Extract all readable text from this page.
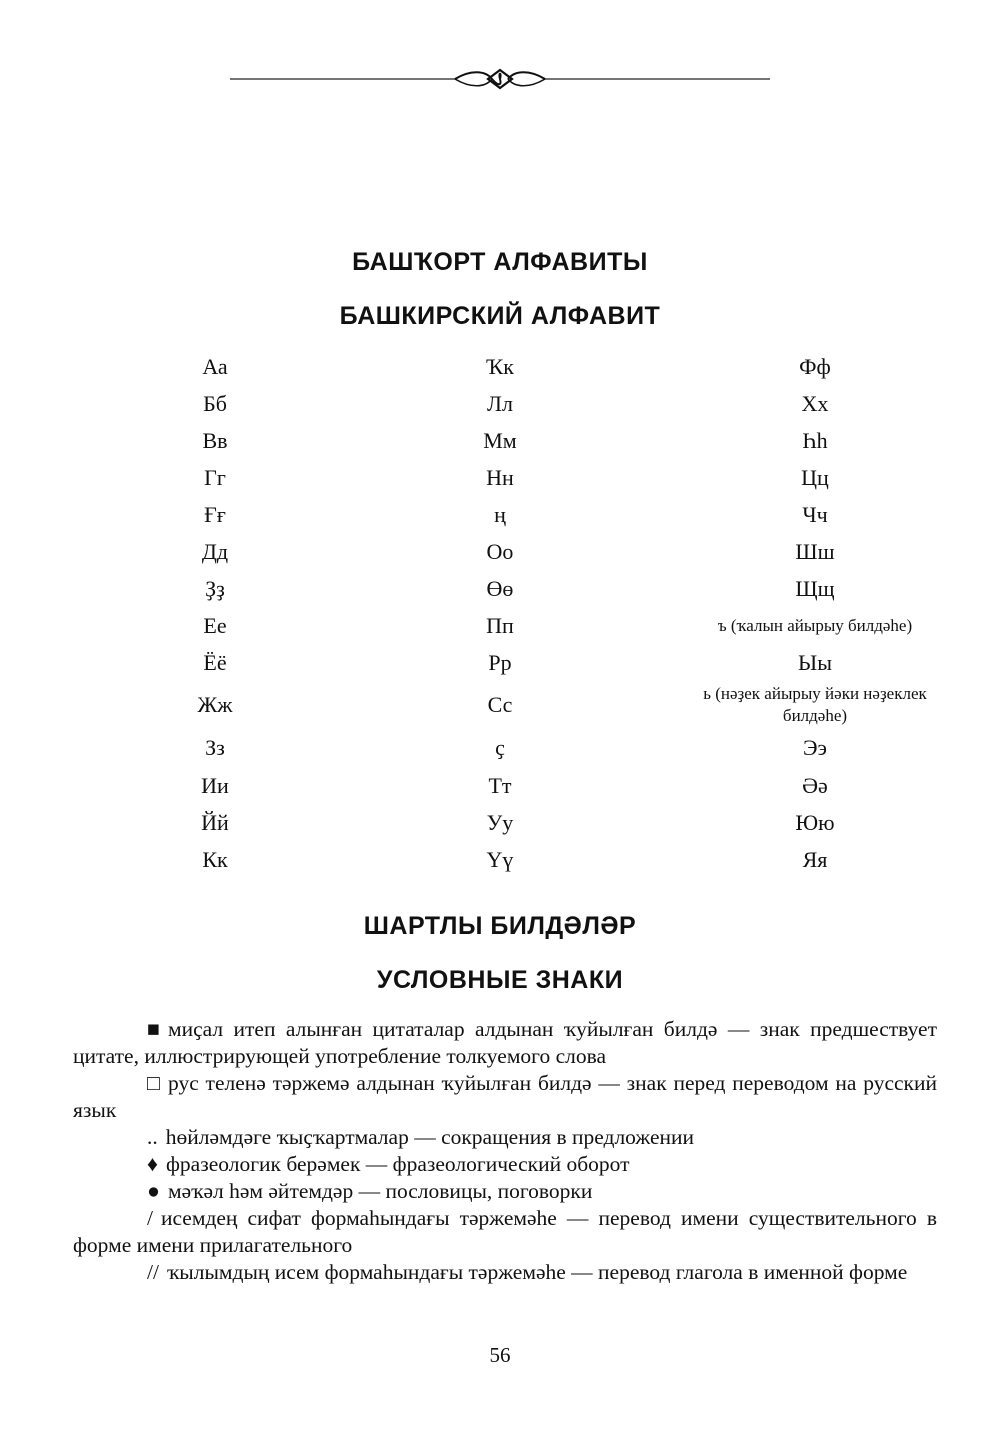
БАШҠОРТ АЛФАВИТЫ
БАШКИРСКИЙ АЛФАВИТ
Аа	Ҡк	Фф
Бб	Лл	Хх
Вв	Мм	Һh
Гг	Нн	Цц
Ғғ	ң	Чч
Дд	Оо	Шш
Ҙҙ	Өө	Щщ
Ее	Пп	ъ (ҡалын айырыу билдәһе)
Ёё	Рр	Ыы
Жж	Сс	ь (нәҙек айырыу йәки нәҙеклек билдәһе)
Зз	ҫ	Ээ
Ии	Тт	Әә
Йй	Уу	Юю
Кк	Үү	Яя
ШАРТЛЫ БИЛДӘЛӘР
УСЛОВНЫЕ ЗНАКИ

■ миҫал итеп алынған цитаталар алдынан ҡуйылған билдә — знак предшествует цитате, иллюстрирующей употребление толкуемого слова

□ рус теленә тәржемә алдынан ҡуйылған билдә — знак перед переводом на русский язык

.. һөйләмдәге ҡыҫҡартмалар — сокращения в предложении

♦ фразеологик берәмек — фразеологический оборот

● мәҡәл һәм әйтемдәр — пословицы, поговорки

/ исемдең сифат формаһындағы тәржемәһе — перевод имени существительного в форме имени прилагательного

// ҡылымдың исем формаһындағы тәржемәһе — перевод глагола в именной форме

56
